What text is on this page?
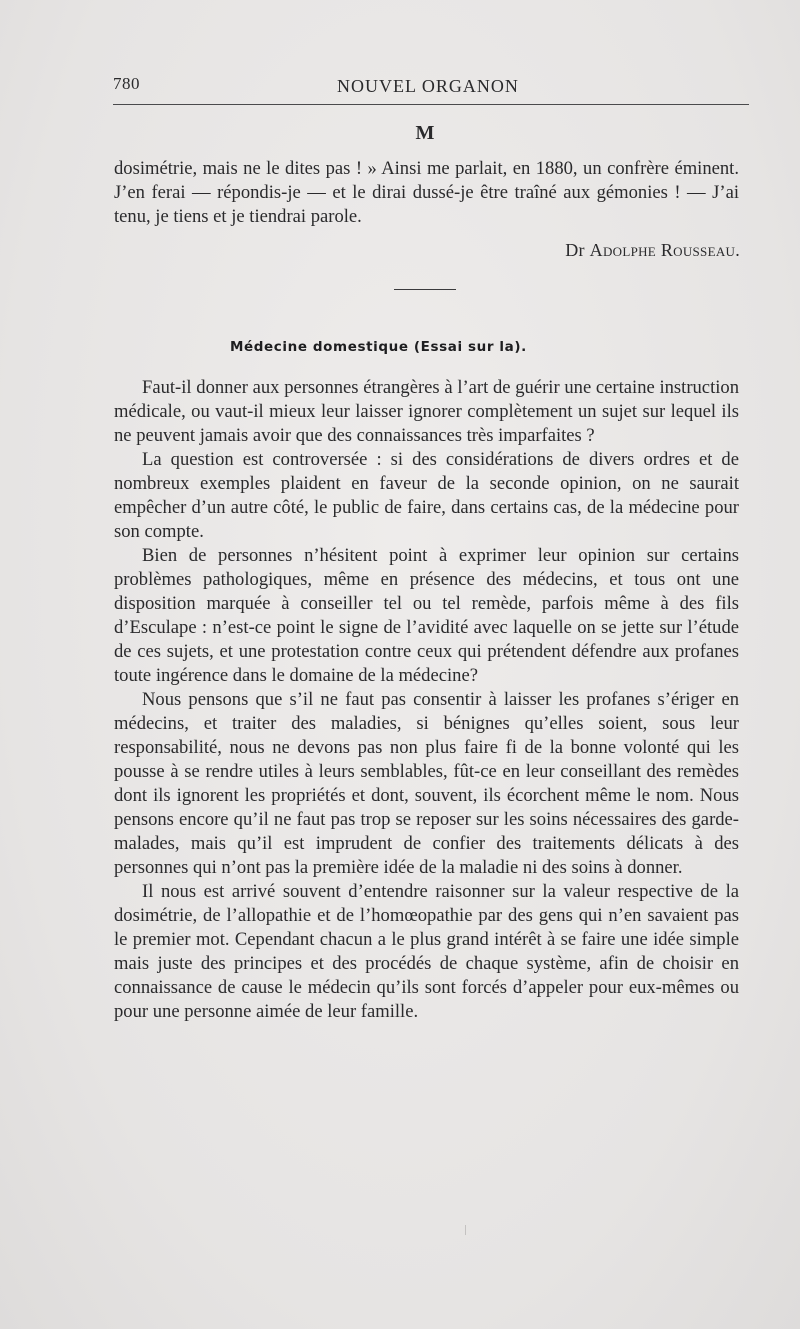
780	NOUVEL ORGANON
M

dosimétrie, mais ne le dites pas ! » Ainsi me parlait, en 1880, un confrère éminent. J’en ferai — répondis-je — et le dirai dussé-je être traîné aux gémonies ! — J’ai tenu, je tiens et je tiendrai parole.

Dr Adolphe Rousseau.
Médecine domestique (Essai sur la).

Faut-il donner aux personnes étrangères à l’art de guérir une certaine instruction médicale, ou vaut-il mieux leur laisser ignorer complètement un sujet sur lequel ils ne peuvent jamais avoir que des connaissances très imparfaites ?

La question est controversée : si des considérations de divers ordres et de nombreux exemples plaident en faveur de la seconde opinion, on ne saurait empêcher d’un autre côté, le public de faire, dans certains cas, de la médecine pour son compte.

Bien de personnes n’hésitent point à exprimer leur opinion sur certains problèmes pathologiques, même en présence des médecins, et tous ont une disposition marquée à conseiller tel ou tel remède, parfois même à des fils d’Esculape : n’est-ce point le signe de l’avidité avec laquelle on se jette sur l’étude de ces sujets, et une protestation contre ceux qui prétendent défendre aux profanes toute ingérence dans le domaine de la médecine?

Nous pensons que s’il ne faut pas consentir à laisser les profanes s’ériger en médecins, et traiter des maladies, si bénignes qu’elles soient, sous leur responsabilité, nous ne devons pas non plus faire fi de la bonne volonté qui les pousse à se rendre utiles à leurs semblables, fût-ce en leur conseillant des remèdes dont ils ignorent les propriétés et dont, souvent, ils écorchent même le nom. Nous pensons encore qu’il ne faut pas trop se reposer sur les soins nécessaires des garde-malades, mais qu’il est imprudent de confier des traitements délicats à des personnes qui n’ont pas la première idée de la maladie ni des soins à donner.

Il nous est arrivé souvent d’entendre raisonner sur la valeur respective de la dosimétrie, de l’allopathie et de l’homœopathie par des gens qui n’en savaient pas le premier mot. Cependant chacun a le plus grand intérêt à se faire une idée simple mais juste des principes et des procédés de chaque système, afin de choisir en connaissance de cause le médecin qu’ils sont forcés d’appeler pour eux-mêmes ou pour une personne aimée de leur famille.
